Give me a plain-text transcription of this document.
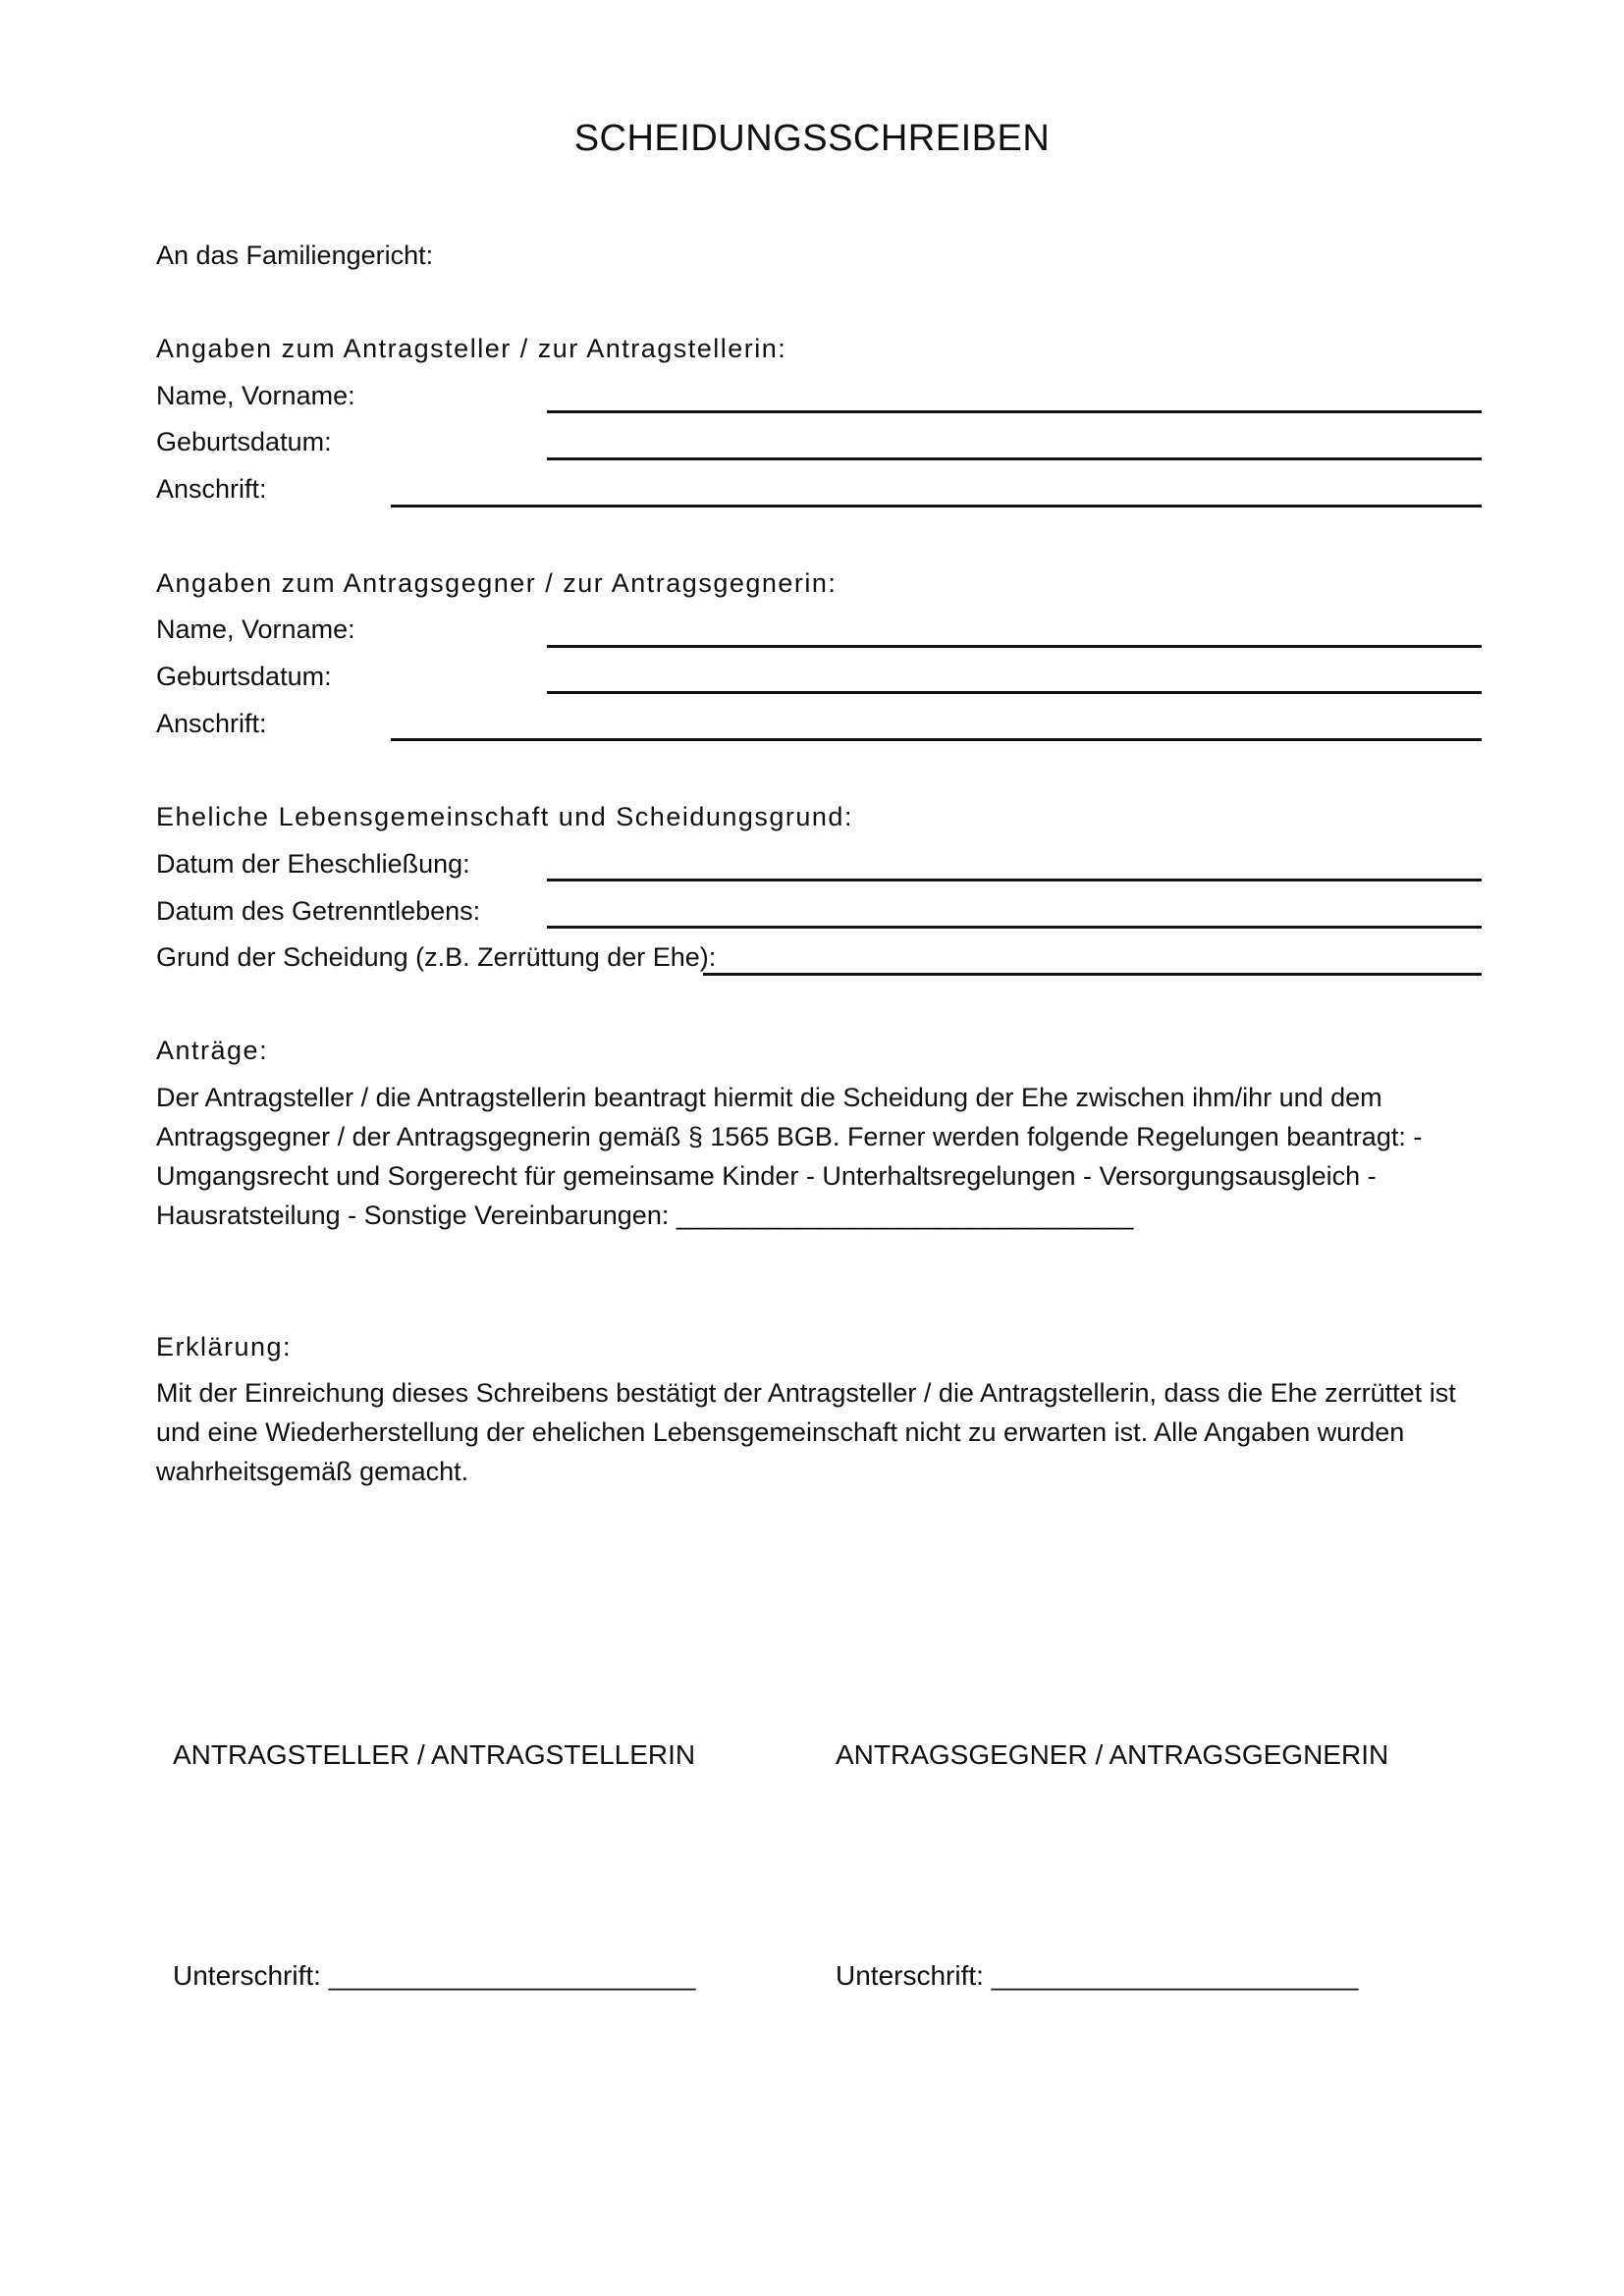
SCHEIDUNGSSCHREIBEN
An das Familiengericht:
Angaben zum Antragsteller / zur Antragstellerin:
Name, Vorname:
Geburtsdatum:
Anschrift:
Angaben zum Antragsgegner / zur Antragsgegnerin:
Name, Vorname:
Geburtsdatum:
Anschrift:
Eheliche Lebensgemeinschaft und Scheidungsgrund:
Datum der Eheschließung:
Datum des Getrenntlebens:
Grund der Scheidung (z.B. Zerrüttung der Ehe):
Anträge:
Der Antragsteller / die Antragstellerin beantragt hiermit die Scheidung der Ehe zwischen ihm/ihr und dem Antragsgegner / der Antragsgegnerin gemäß § 1565 BGB. Ferner werden folgende Regelungen beantragt: - Umgangsrecht und Sorgerecht für gemeinsame Kinder - Unterhaltsregelungen - Versorgungsausgleich - Hausratsteilung - Sonstige Vereinbarungen: _______________________________
Erklärung:
Mit der Einreichung dieses Schreibens bestätigt der Antragsteller / die Antragstellerin, dass die Ehe zerrüttet ist und eine Wiederherstellung der ehelichen Lebensgemeinschaft nicht zu erwarten ist. Alle Angaben wurden wahrheitsgemäß gemacht.
ANTRAGSTELLER / ANTRAGSTELLERIN	ANTRAGSGEGNER / ANTRAGSGEGNERIN
Unterschrift: ________________________	Unterschrift: ________________________
